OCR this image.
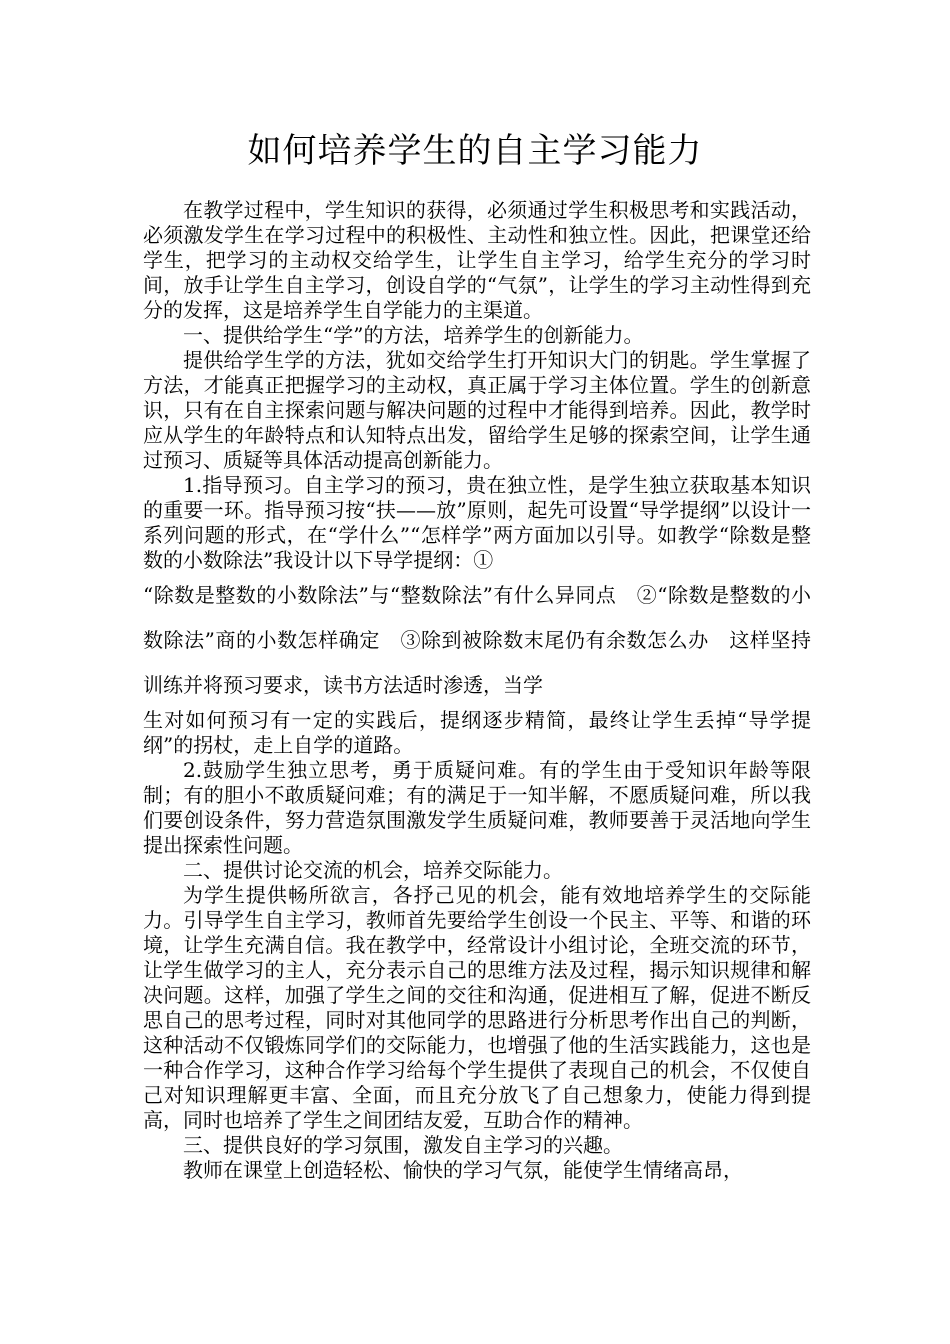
如何培养学生的自主学习能力

在教学过程中，学生知识的获得，必须通过学生积极思考和实践活动，必须激发学生在学习过程中的积极性、主动性和独立性。因此，把课堂还给学生，把学习的主动权交给学生，让学生自主学习，给学生充分的学习时间，放手让学生自主学习，创设自学的“气氛”，让学生的学习主动性得到充分的发挥，这是培养学生自学能力的主渠道。

一、提供给学生“学”的方法，培养学生的创新能力。

提供给学生学的方法，犹如交给学生打开知识大门的钥匙。学生掌握了方法，才能真正把握学习的主动权，真正属于学习主体位置。学生的创新意识，只有在自主探索问题与解决问题的过程中才能得到培养。因此，教学时应从学生的年龄特点和认知特点出发，留给学生足够的探索空间，让学生通过预习、质疑等具体活动提高创新能力。

1.指导预习。自主学习的预习，贵在独立性，是学生独立获取基本知识的重要一环。指导预习按“扶——放”原则，起先可设置“导学提纲”以设计一系列问题的形式，在“学什么”“怎样学”两方面加以引导。如教学“除数是整数的小数除法”我设计以下导学提纲：①

“除数是整数的小数除法”与“整数除法”有什么异同点　②“除数是整数的小数除法”商的小数怎样确定　③除到被除数末尾仍有余数怎么办　这样坚持训练并将预习要求，读书方法适时渗透，当学

生对如何预习有一定的实践后，提纲逐步精简，最终让学生丢掉“导学提纲”的拐杖，走上自学的道路。

2.鼓励学生独立思考，勇于质疑问难。有的学生由于受知识年龄等限制；有的胆小不敢质疑问难；有的满足于一知半解，不愿质疑问难，所以我们要创设条件，努力营造氛围激发学生质疑问难，教师要善于灵活地向学生提出探索性问题。

二、提供讨论交流的机会，培养交际能力。

为学生提供畅所欲言，各抒己见的机会，能有效地培养学生的交际能力。引导学生自主学习，教师首先要给学生创设一个民主、平等、和谐的环境，让学生充满自信。我在教学中，经常设计小组讨论，全班交流的环节，让学生做学习的主人，充分表示自己的思维方法及过程，揭示知识规律和解决问题。这样，加强了学生之间的交往和沟通，促进相互了解，促进不断反思自己的思考过程，同时对其他同学的思路进行分析思考作出自己的判断，这种活动不仅锻炼同学们的交际能力，也增强了他的生活实践能力，这也是一种合作学习，这种合作学习给每个学生提供了表现自己的机会，不仅使自己对知识理解更丰富、全面，而且充分放飞了自己想象力，使能力得到提高，同时也培养了学生之间团结友爱，互助合作的精神。

三、提供良好的学习氛围，激发自主学习的兴趣。

教师在课堂上创造轻松、愉快的学习气氛，能使学生情绪高昂，
